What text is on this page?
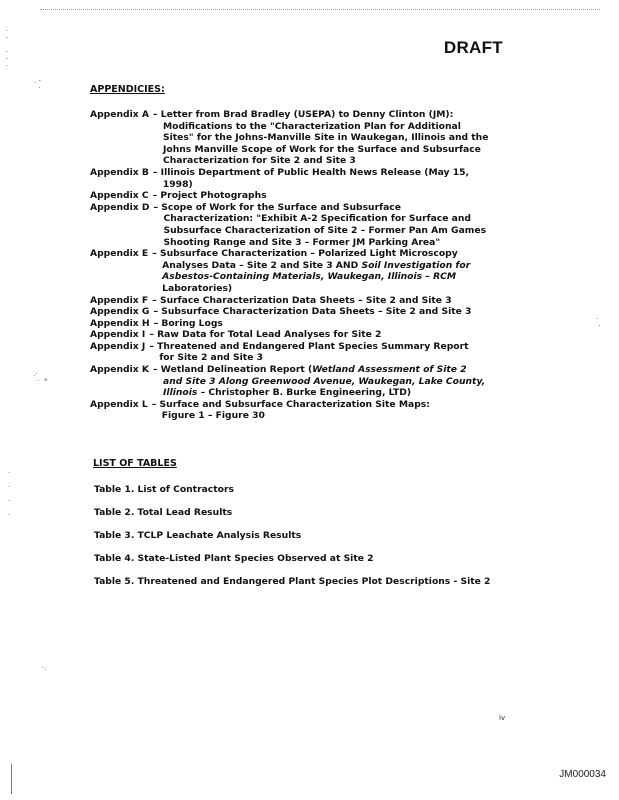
·
·

·
·
·
. -
·
.·
·  *
·
·
·

·

·

·
·.
DRAFT
APPENDICIES:
Appendix A – Letter from Brad Bradley (USEPA) to Denny Clinton (JM):
Modifications to the "Characterization Plan for Additional
Sites" for the Johns-Manville Site in Waukegan, Illinois and the
Johns Manville Scope of Work for the Surface and Subsurface
Characterization for Site 2 and Site 3
Appendix B – Illinois Department of Public Health News Release (May 15,
1998)
Appendix C – Project Photographs
Appendix D – Scope of Work for the Surface and Subsurface
Characterization: "Exhibit A-2 Specification for Surface and
Subsurface Characterization of Site 2 – Former Pan Am Games
Shooting Range and Site 3 – Former JM Parking Area"
Appendix E – Subsurface Characterization – Polarized Light Microscopy
Analyses Data – Site 2 and Site 3 AND Soil Investigation for
Asbestos-Containing Materials, Waukegan, Illinois – RCM
Laboratories)
Appendix F – Surface Characterization Data Sheets – Site 2 and Site 3
Appendix G – Subsurface Characterization Data Sheets – Site 2 and Site 3
Appendix H – Boring Logs
Appendix I – Raw Data for Total Lead Analyses for Site 2
Appendix J – Threatened and Endangered Plant Species Summary Report
for Site 2 and Site 3
Appendix K – Wetland Delineation Report (Wetland Assessment of Site 2
and Site 3 Along Greenwood Avenue, Waukegan, Lake County,
Illinois – Christopher B. Burke Engineering, LTD)
Appendix L – Surface and Subsurface Characterization Site Maps:
Figure 1 – Figure 30
LIST OF TABLES
Table 1. List of Contractors
Table 2. Total Lead Results
Table 3. TCLP Leachate Analysis Results
Table 4. State-Listed Plant Species Observed at Site 2
Table 5. Threatened and Endangered Plant Species Plot Descriptions - Site 2
iv
JM000034
